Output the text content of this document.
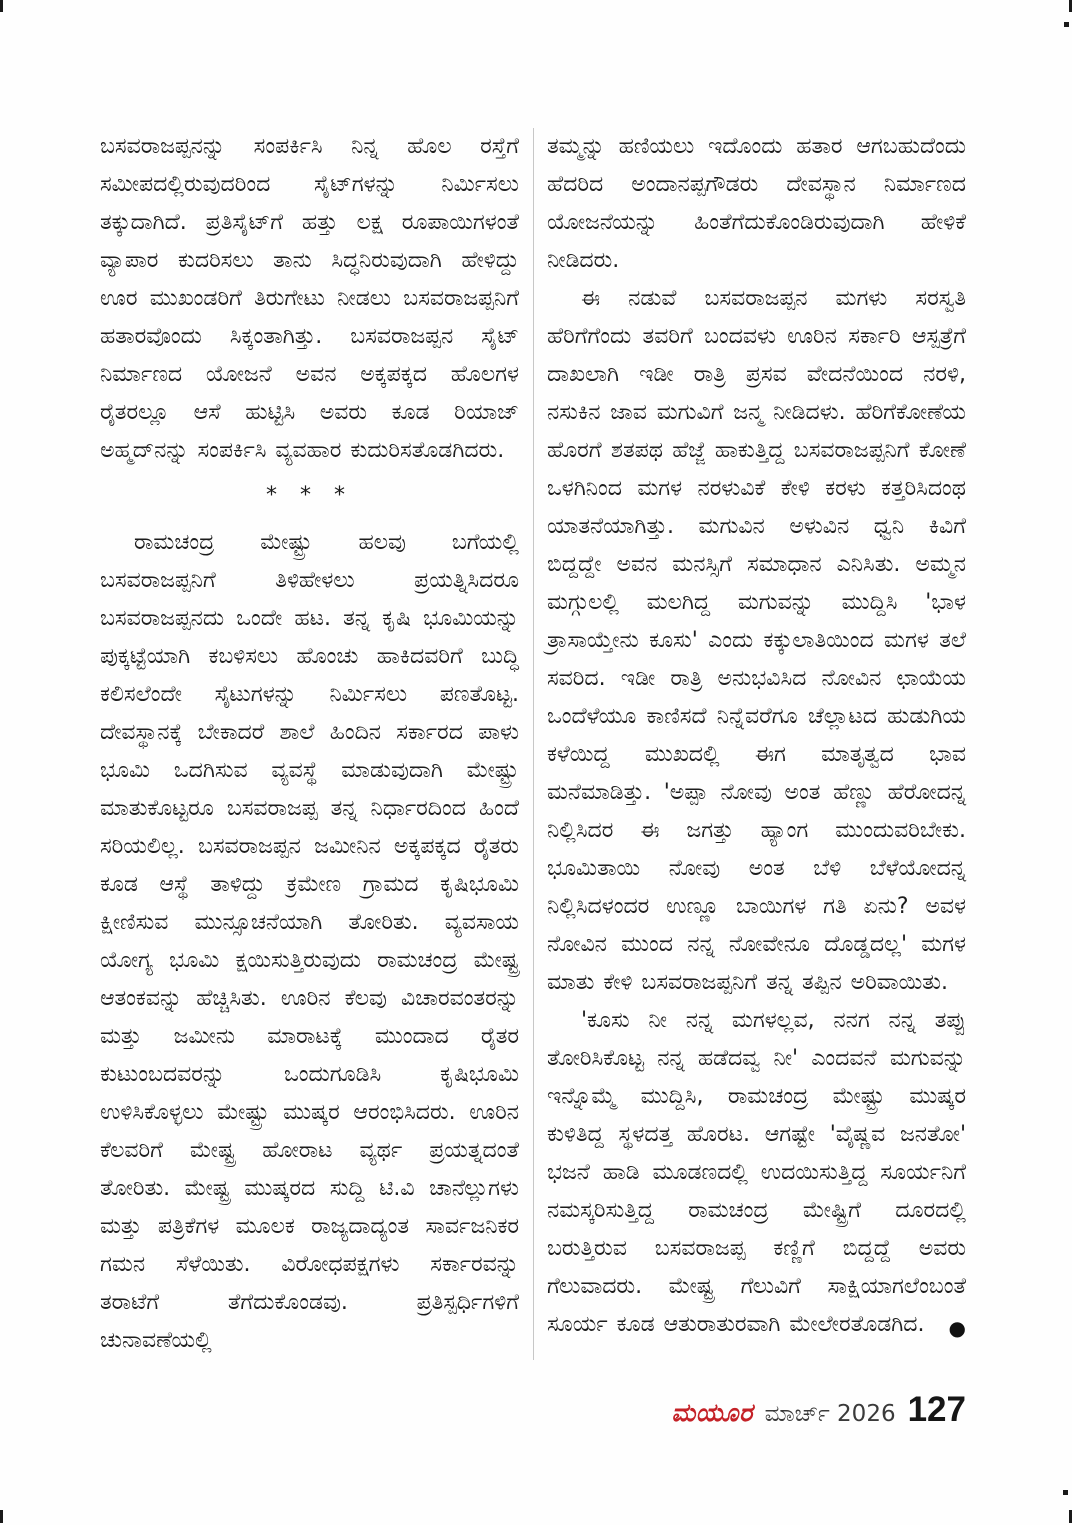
ಬಸವರಾಜಪ್ಪನನ್ನು ಸಂಪರ್ಕಿಸಿ ನಿನ್ನ ಹೊಲ ರಸ್ತೆಗೆ ಸಮೀಪದಲ್ಲಿರುವುದರಿಂದ ಸೈಟ್‌ಗಳನ್ನು ನಿರ್ಮಿಸಲು ತಕ್ಕುದಾಗಿದೆ. ಪ್ರತಿಸೈಟ್‌ಗೆ ಹತ್ತು ಲಕ್ಷ ರೂಪಾಯಿಗಳಂತೆ ವ್ಯಾಪಾರ ಕುದರಿಸಲು ತಾನು ಸಿದ್ಧನಿರುವುದಾಗಿ ಹೇಳಿದ್ದು ಊರ ಮುಖಂಡರಿಗೆ ತಿರುಗೇಟು ನೀಡಲು ಬಸವರಾಜಪ್ಪನಿಗೆ ಹತಾರವೊಂದು ಸಿಕ್ಕಂತಾಗಿತ್ತು. ಬಸವರಾಜಪ್ಪನ ಸೈಟ್ ನಿರ್ಮಾಣದ ಯೋಜನೆ ಅವನ ಅಕ್ಕಪಕ್ಕದ ಹೊಲಗಳ ರೈತರಲ್ಲೂ ಆಸೆ ಹುಟ್ಟಿಸಿ ಅವರು ಕೂಡ ರಿಯಾಜ್ ಅಹ್ಮದ್‌ನನ್ನು ಸಂಪರ್ಕಿಸಿ ವ್ಯವಹಾರ ಕುದುರಿಸತೊಡಗಿದರು.

* * *

ರಾಮಚಂದ್ರ ಮೇಷ್ಟ್ರು ಹಲವು ಬಗೆಯಲ್ಲಿ ಬಸವರಾಜಪ್ಪನಿಗೆ ತಿಳಿಹೇಳಲು ಪ್ರಯತ್ನಿಸಿದರೂ ಬಸವರಾಜಪ್ಪನದು ಒಂದೇ ಹಟ. ತನ್ನ ಕೃಷಿ ಭೂಮಿಯನ್ನು ಪುಕ್ಕಟ್ಟೆಯಾಗಿ ಕಬಳಿಸಲು ಹೊಂಚು ಹಾಕಿದವರಿಗೆ ಬುದ್ಧಿ ಕಲಿಸಲೆಂದೇ ಸೈಟುಗಳನ್ನು ನಿರ್ಮಿಸಲು ಪಣತೊಟ್ಟ. ದೇವಸ್ಥಾನಕ್ಕೆ ಬೇಕಾದರೆ ಶಾಲೆ ಹಿಂದಿನ ಸರ್ಕಾರದ ಪಾಳು ಭೂಮಿ ಒದಗಿಸುವ ವ್ಯವಸ್ಥೆ ಮಾಡುವುದಾಗಿ ಮೇಷ್ಟ್ರು ಮಾತುಕೊಟ್ಟರೂ ಬಸವರಾಜಪ್ಪ ತನ್ನ ನಿರ್ಧಾರದಿಂದ ಹಿಂದೆ ಸರಿಯಲಿಲ್ಲ. ಬಸವರಾಜಪ್ಪನ ಜಮೀನಿನ ಅಕ್ಕಪಕ್ಕದ ರೈತರು ಕೂಡ ಆಸ್ಥೆ ತಾಳಿದ್ದು ಕ್ರಮೇಣ ಗ್ರಾಮದ ಕೃಷಿಭೂಮಿ ಕ್ಷೀಣಿಸುವ ಮುನ್ಸೂಚನೆಯಾಗಿ ತೋರಿತು. ವ್ಯವಸಾಯ ಯೋಗ್ಯ ಭೂಮಿ ಕ್ಷಯಿಸುತ್ತಿರುವುದು ರಾಮಚಂದ್ರ ಮೇಷ್ಟ್ರ ಆತಂಕವನ್ನು ಹೆಚ್ಚಿಸಿತು. ಊರಿನ ಕೆಲವು ವಿಚಾರವಂತರನ್ನು ಮತ್ತು ಜಮೀನು ಮಾರಾಟಕ್ಕೆ ಮುಂದಾದ ರೈತರ ಕುಟುಂಬದವರನ್ನು ಒಂದುಗೂಡಿಸಿ ಕೃಷಿಭೂಮಿ ಉಳಿಸಿಕೊಳ್ಳಲು ಮೇಷ್ಟ್ರು ಮುಷ್ಕರ ಆರಂಭಿಸಿದರು. ಊರಿನ ಕೆಲವರಿಗೆ ಮೇಷ್ಟ್ರ ಹೋರಾಟ ವ್ಯರ್ಥ ಪ್ರಯತ್ನದಂತೆ ತೋರಿತು. ಮೇಷ್ಟ್ರ ಮುಷ್ಕರದ ಸುದ್ದಿ ಟಿ.ವಿ ಚಾನೆಲ್ಲುಗಳು ಮತ್ತು ಪತ್ರಿಕೆಗಳ ಮೂಲಕ ರಾಜ್ಯದಾದ್ಯಂತ ಸಾರ್ವಜನಿಕರ ಗಮನ ಸೆಳೆಯಿತು. ವಿರೋಧಪಕ್ಷಗಳು ಸರ್ಕಾರವನ್ನು ತರಾಟೆಗೆ ತೆಗೆದುಕೊಂಡವು. ಪ್ರತಿಸ್ಪರ್ಧಿಗಳಿಗೆ ಚುನಾವಣೆಯಲ್ಲಿ

ತಮ್ಮನ್ನು ಹಣಿಯಲು ಇದೊಂದು ಹತಾರ ಆಗಬಹುದೆಂದು ಹೆದರಿದ ಅಂದಾನಪ್ಪಗೌಡರು ದೇವಸ್ಥಾನ ನಿರ್ಮಾಣದ ಯೋಜನೆಯನ್ನು ಹಿಂತೆಗೆದುಕೊಂಡಿರುವುದಾಗಿ ಹೇಳಿಕೆ ನೀಡಿದರು.

ಈ ನಡುವೆ ಬಸವರಾಜಪ್ಪನ ಮಗಳು ಸರಸ್ವತಿ ಹೆರಿಗೆಗೆಂದು ತವರಿಗೆ ಬಂದವಳು ಊರಿನ ಸರ್ಕಾರಿ ಆಸ್ಪತ್ರೆಗೆ ದಾಖಲಾಗಿ ಇಡೀ ರಾತ್ರಿ ಪ್ರಸವ ವೇದನೆಯಿಂದ ನರಳಿ, ನಸುಕಿನ ಜಾವ ಮಗುವಿಗೆ ಜನ್ಮ ನೀಡಿದಳು. ಹೆರಿಗೆಕೋಣೆಯ ಹೊರಗೆ ಶತಪಥ ಹೆಜ್ಜೆ ಹಾಕುತ್ತಿದ್ದ ಬಸವರಾಜಪ್ಪನಿಗೆ ಕೋಣೆ ಒಳಗಿನಿಂದ ಮಗಳ ನರಳುವಿಕೆ ಕೇಳಿ ಕರಳು ಕತ್ತರಿಸಿದಂಥ ಯಾತನೆಯಾಗಿತ್ತು. ಮಗುವಿನ ಅಳುವಿನ ಧ್ವನಿ ಕಿವಿಗೆ ಬಿದ್ದದ್ದೇ ಅವನ ಮನಸ್ಸಿಗೆ ಸಮಾಧಾನ ಎನಿಸಿತು. ಅಮ್ಮನ ಮಗ್ಗುಲಲ್ಲಿ ಮಲಗಿದ್ದ ಮಗುವನ್ನು ಮುದ್ದಿಸಿ 'ಭಾಳ ತ್ರಾಸಾಯ್ತೇನು ಕೂಸು' ಎಂದು ಕಕ್ಕುಲಾತಿಯಿಂದ ಮಗಳ ತಲೆ ಸವರಿದ. ಇಡೀ ರಾತ್ರಿ ಅನುಭವಿಸಿದ ನೋವಿನ ಛಾಯೆಯ ಒಂದೆಳೆಯೂ ಕಾಣಿಸದೆ ನಿನ್ನೆವರೆಗೂ ಚೆಲ್ಲಾಟದ ಹುಡುಗಿಯ ಕಳೆಯಿದ್ದ ಮುಖದಲ್ಲಿ ಈಗ ಮಾತೃತ್ವದ ಭಾವ ಮನೆಮಾಡಿತ್ತು. 'ಅಪ್ಪಾ ನೋವು ಅಂತ ಹೆಣ್ಣು ಹೆರೋದನ್ನ ನಿಲ್ಲಿಸಿದರ ಈ ಜಗತ್ತು ಹ್ಯಾಂಗ ಮುಂದುವರಿಬೇಕು. ಭೂಮಿತಾಯಿ ನೋವು ಅಂತ ಬೆಳಿ ಬೆಳೆಯೋದನ್ನ ನಿಲ್ಲಿಸಿದಳಂದರ ಉಣ್ಣೂ ಬಾಯಿಗಳ ಗತಿ ಏನು? ಅವಳ ನೋವಿನ ಮುಂದ ನನ್ನ ನೋವೇನೂ ದೊಡ್ಡದಲ್ಲ' ಮಗಳ ಮಾತು ಕೇಳಿ ಬಸವರಾಜಪ್ಪನಿಗೆ ತನ್ನ ತಪ್ಪಿನ ಅರಿವಾಯಿತು.

'ಕೂಸು ನೀ ನನ್ನ ಮಗಳಲ್ಲವ, ನನಗ ನನ್ನ ತಪ್ಪು ತೋರಿಸಿಕೊಟ್ಟ ನನ್ನ ಹಡೆದವ್ವ ನೀ' ಎಂದವನೆ ಮಗುವನ್ನು ಇನ್ನೊಮ್ಮೆ ಮುದ್ದಿಸಿ, ರಾಮಚಂದ್ರ ಮೇಷ್ಟ್ರು ಮುಷ್ಕರ ಕುಳಿತಿದ್ದ ಸ್ಥಳದತ್ತ ಹೊರಟ. ಆಗಷ್ಟೇ 'ವೈಷ್ಣವ ಜನತೋ' ಭಜನೆ ಹಾಡಿ ಮೂಡಣದಲ್ಲಿ ಉದಯಿಸುತ್ತಿದ್ದ ಸೂರ್ಯನಿಗೆ ನಮಸ್ಕರಿಸುತ್ತಿದ್ದ ರಾಮಚಂದ್ರ ಮೇಷ್ಟ್ರಿಗೆ ದೂರದಲ್ಲಿ ಬರುತ್ತಿರುವ ಬಸವರಾಜಪ್ಪ ಕಣ್ಣಿಗೆ ಬಿದ್ದದ್ದೆ ಅವರು ಗೆಲುವಾದರು. ಮೇಷ್ಟ್ರ ಗೆಲುವಿಗೆ ಸಾಕ್ಷಿಯಾಗಲೆಂಬಂತೆ ಸೂರ್ಯ ಕೂಡ ಆತುರಾತುರವಾಗಿ ಮೇಲೇರತೊಡಗಿದ.	●

ಮಯೂರ ಮಾರ್ಚ್ 2026 127
